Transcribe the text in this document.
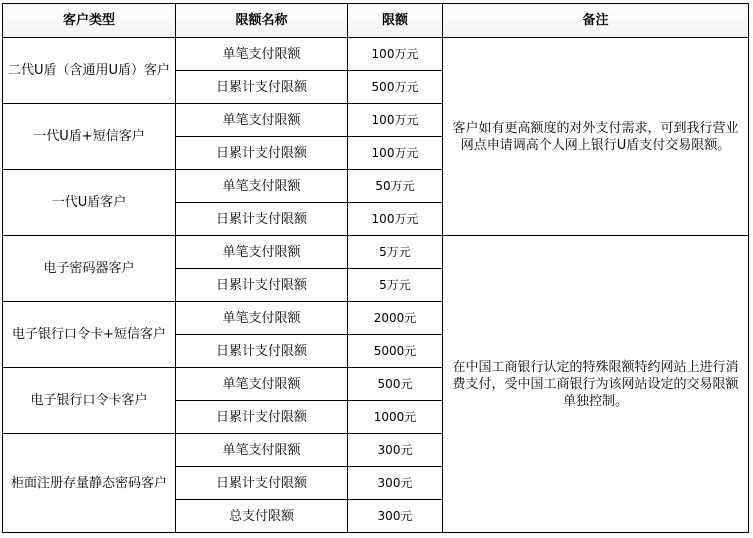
客户类型	限额名称	限额	备注
二代U盾（含通用U盾）客户	单笔支付限额	100万元	客户如有更高额度的对外支付需求，可到我行营业网点申请调高个人网上银行U盾支付交易限额。
	日累计支付限额	500万元	
一代U盾+短信客户	单笔支付限额	100万元	
	日累计支付限额	100万元	
一代U盾客户	单笔支付限额	50万元	
	日累计支付限额	100万元	
电子密码器客户	单笔支付限额	5万元	在中国工商银行认定的特殊限额特约网站上进行消费支付，受中国工商银行为该网站设定的交易限额单独控制。
	日累计支付限额	5万元	
电子银行口令卡+短信客户	单笔支付限额	2000元	
	日累计支付限额	5000元	
电子银行口令卡客户	单笔支付限额	500元	
	日累计支付限额	1000元	
柜面注册存量静态密码客户	单笔支付限额	300元	
	日累计支付限额	300元	
	总支付限额	300元	
